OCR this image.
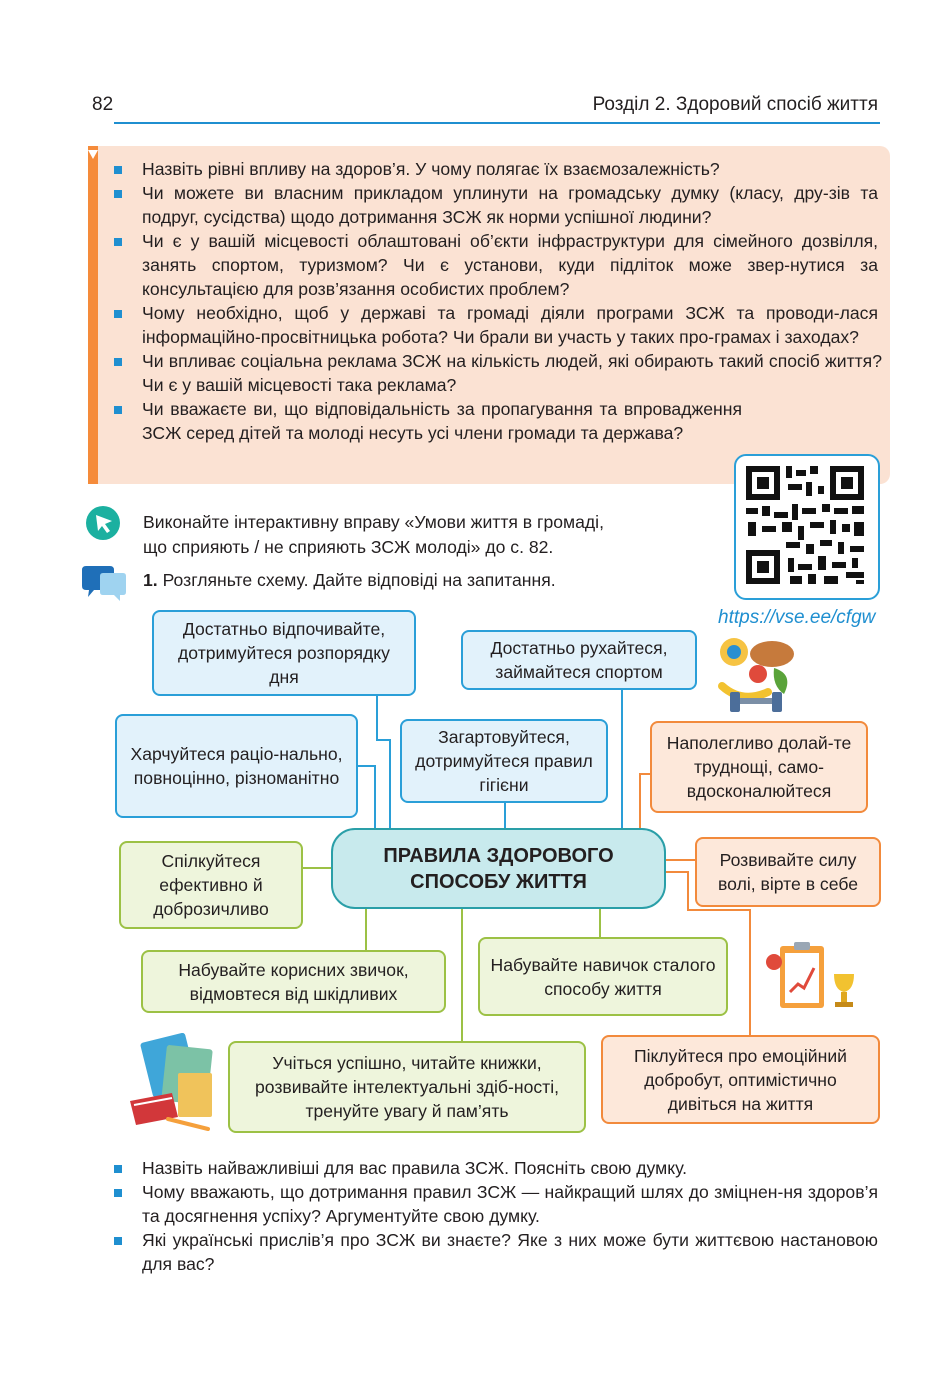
82	Розділ 2. Здоровий спосіб життя
Назвіть рівні впливу на здоров’я. У чому полягає їх взаємозалежність?
Чи можете ви власним прикладом уплинути на громадську думку (класу, дру-зів та подруг, сусідства) щодо дотримання ЗСЖ як норми успішної людини?
Чи є у вашій місцевості облаштовані об’єкти інфраструктури для сімейного дозвілля, занять спортом, туризмом? Чи є установи, куди підліток може звер-нутися за консультацією для розв’язання особистих проблем?
Чому необхідно, щоб у державі та громаді діяли програми ЗСЖ та проводи-лася інформаційно-просвітницька робота? Чи брали ви участь у таких про-грамах і заходах?
Чи впливає соціальна реклама ЗСЖ на кількість людей, які обирають такий спосіб життя? Чи є у вашій місцевості така реклама?
Чи вважаєте ви, що відповідальність за пропагування та впровадження ЗСЖ серед дітей та молоді несуть усі члени громади та держава?
https://vse.ee/cfgw
Виконайте інтерактивну вправу «Умови життя в громаді,
що сприяють / не сприяють ЗСЖ молоді» до с. 82.
1. Розгляньте схему. Дайте відповіді на запитання.
Достатньо відпочивайте, дотримуйтеся розпорядку дня
Достатньо рухайтеся, займайтеся спортом
Харчуйтеся раціо-нально, повноцінно, різноманітно
Загартовуйтеся, дотримуйтеся правил гігієни
Наполегливо долай-те труднощі, само-вдосконалюйтеся
ПРАВИЛА ЗДОРОВОГО СПОСОБУ ЖИТТЯ
Спілкуйтеся ефективно й доброзичливо
Розвивайте силу волі, вірте в себе
Набувайте корисних звичок, відмовтеся від шкідливих
Набувайте навичок сталого способу життя
Учіться успішно, читайте книжки, розвивайте інтелектуальні здіб-ності, тренуйте увагу й пам’ять
Піклуйтеся про емоційний добробут, оптимістично дивіться на життя
Назвіть найважливіші для вас правила ЗСЖ. Поясніть свою думку.
Чому вважають, що дотримання правил ЗСЖ — найкращий шлях до зміцнен-ня здоров’я та досягнення успіху? Аргументуйте свою думку.
Які українські прислів’я про ЗСЖ ви знаєте? Яке з них може бути життєвою настановою для вас?
